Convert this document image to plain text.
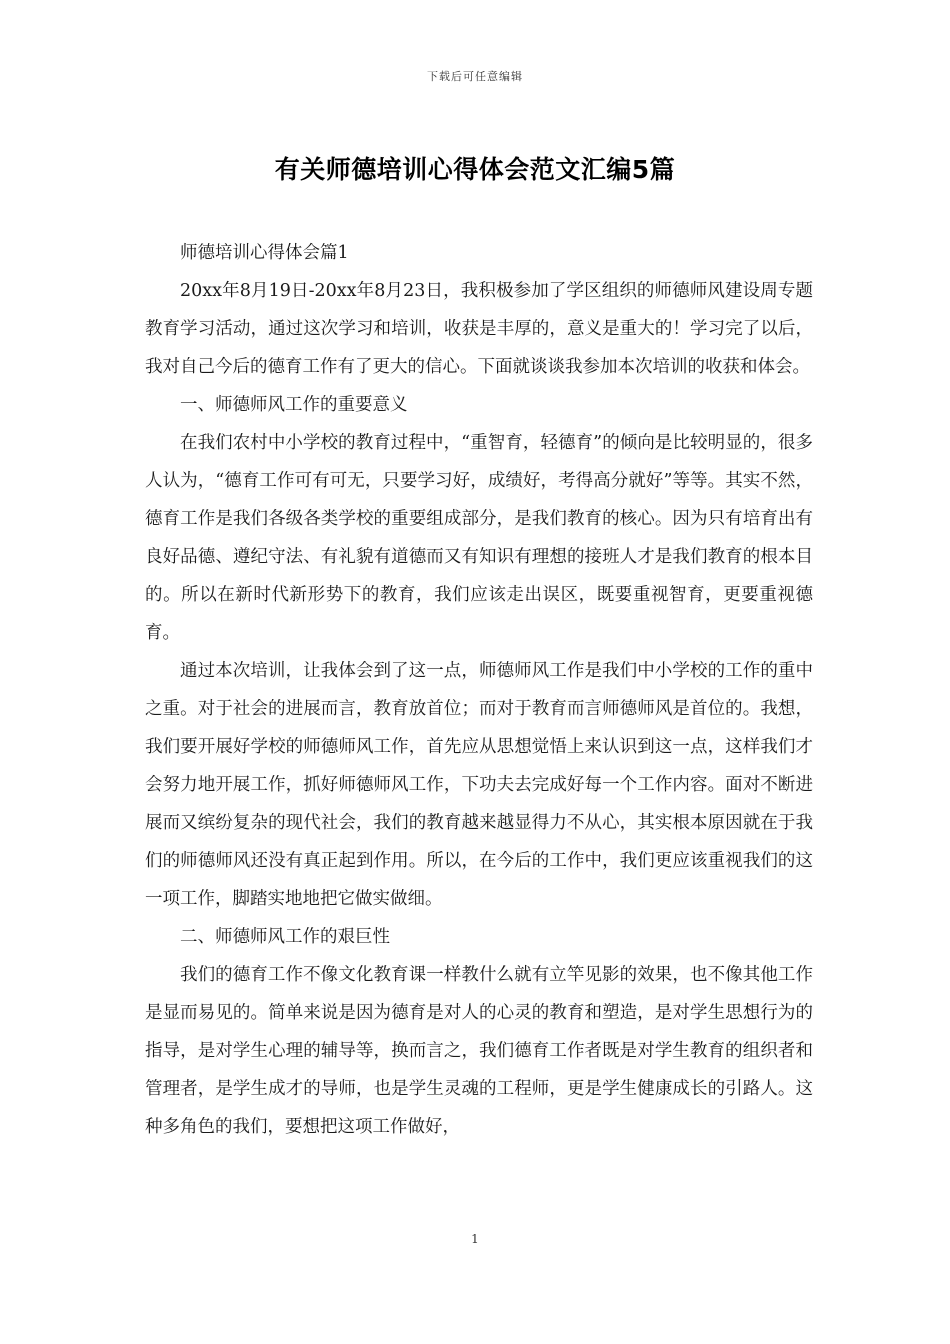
下载后可任意编辑
有关师德培训心得体会范文汇编5篇

师德培训心得体会篇1

20xx年8月19日-20xx年8月23日，我积极参加了学区组织的师德师风建设周专题教育学习活动，通过这次学习和培训，收获是丰厚的，意义是重大的！学习完了以后，我对自己今后的德育工作有了更大的信心。下面就谈谈我参加本次培训的收获和体会。

一、师德师风工作的重要意义

在我们农村中小学校的教育过程中，“重智育，轻德育”的倾向是比较明显的，很多人认为，“德育工作可有可无，只要学习好，成绩好，考得高分就好”等等。其实不然，德育工作是我们各级各类学校的重要组成部分，是我们教育的核心。因为只有培育出有良好品德、遵纪守法、有礼貌有道德而又有知识有理想的接班人才是我们教育的根本目的。所以在新时代新形势下的教育，我们应该走出误区，既要重视智育，更要重视德育。

通过本次培训，让我体会到了这一点，师德师风工作是我们中小学校的工作的重中之重。对于社会的进展而言，教育放首位；而对于教育而言师德师风是首位的。我想，我们要开展好学校的师德师风工作，首先应从思想觉悟上来认识到这一点，这样我们才会努力地开展工作，抓好师德师风工作，下功夫去完成好每一个工作内容。面对不断进展而又缤纷复杂的现代社会，我们的教育越来越显得力不从心，其实根本原因就在于我们的师德师风还没有真正起到作用。所以，在今后的工作中，我们更应该重视我们的这一项工作，脚踏实地地把它做实做细。

二、师德师风工作的艰巨性

我们的德育工作不像文化教育课一样教什么就有立竿见影的效果，也不像其他工作是显而易见的。简单来说是因为德育是对人的心灵的教育和塑造，是对学生思想行为的指导，是对学生心理的辅导等，换而言之，我们德育工作者既是对学生教育的组织者和管理者，是学生成才的导师，也是学生灵魂的工程师，更是学生健康成长的引路人。这种多角色的我们，要想把这项工作做好，

1
